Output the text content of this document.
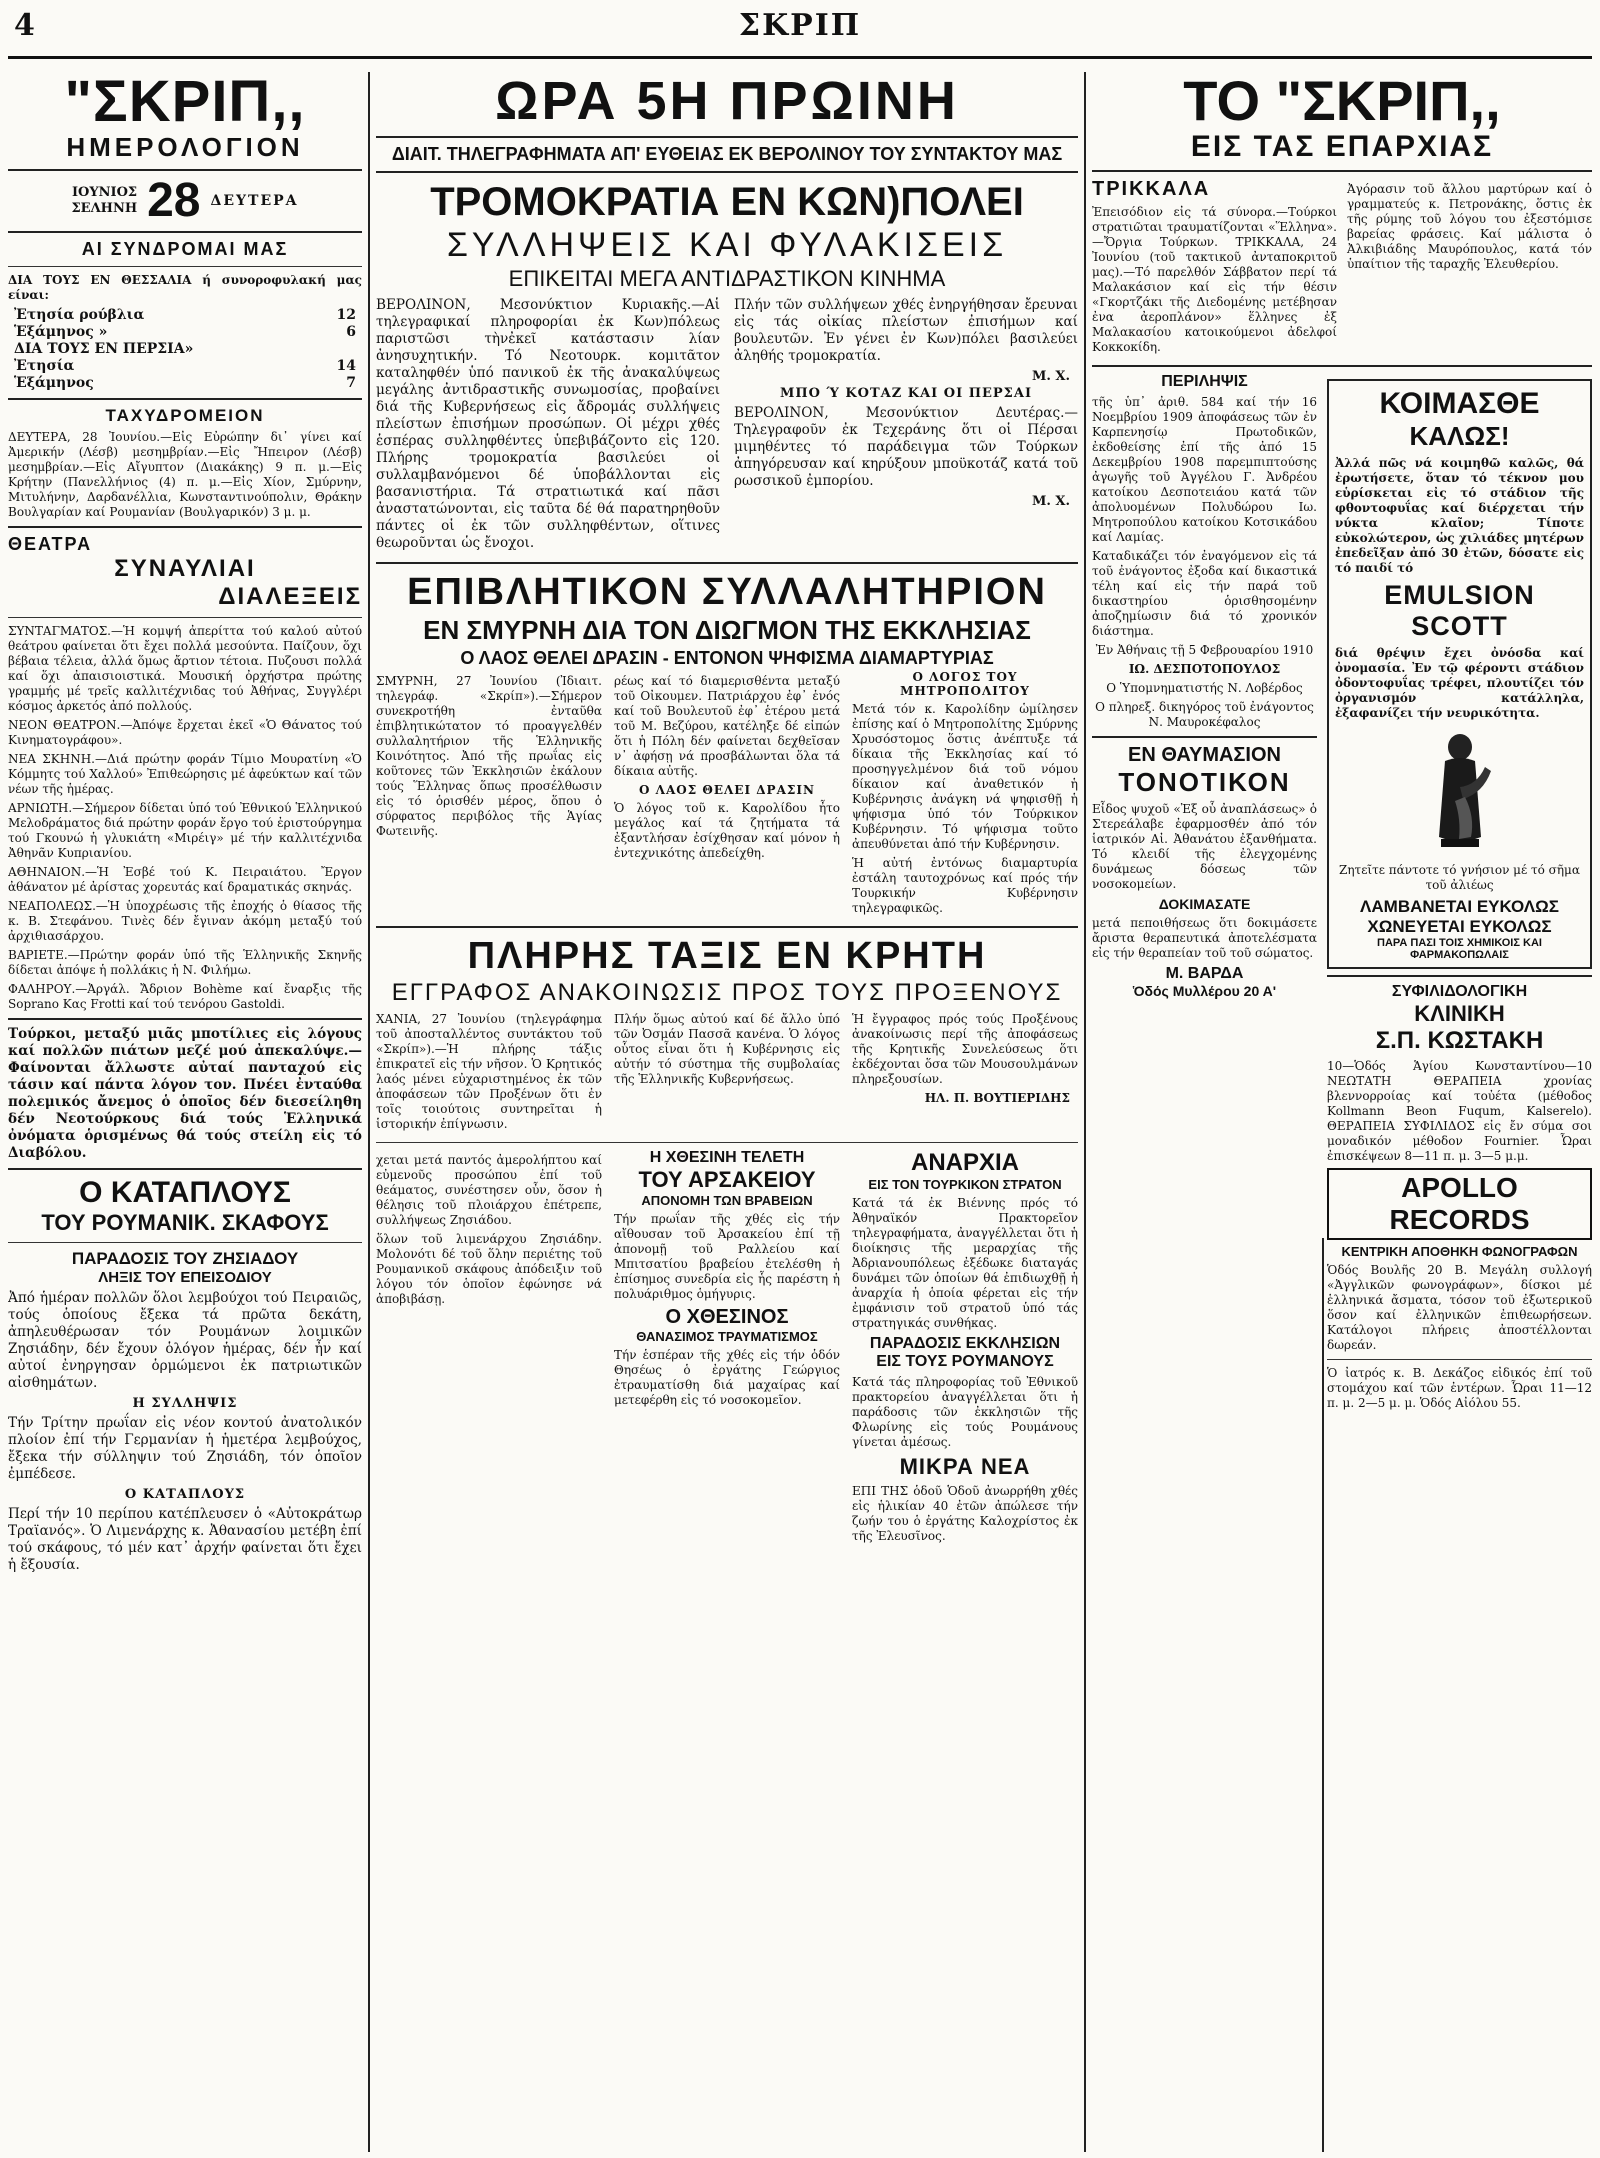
4	ΣΚΡΙΠ
"ΣΚΡΙΠ,,
ΗΜΕΡΟΛΟΓΙΟΝ
ΙΟΥΝΙΟΣ
ΣΕΛΗΝΗ 28 ΔΕΥΤΕΡΑ
ΑΙ ΣΥΝΔΡΟΜΑΙ ΜΑΣ
ΔΙΑ ΤΟΥΣ ΕΝ ΘΕΣΣΑΛΙΑ ή συνοροφυλακή μας είναι:
Ἐτησία ρούβλια	12
Ἑξάμηνος »	6
ΔΙΑ ΤΟΥΣ ΕΝ ΠΕΡΣΙΑ»
Ἐτησία	14
Ἑξάμηνος	7
ΤΑΧΥΔΡΟΜΕΙΟΝ
ΔΕΥΤΕΡΑ, 28 Ἰουνίου.—Εἰς Εὐρώπην δι᾽ γίνει καί Ἀμερικήν (Λέσβ) μεσημβρίαν.—Εἰς Ἤπειρον (Λέσβ) μεσημβρίαν.—Εἰς Αἴγυπτον (Διακάκης) 9 π. μ.—Εἰς Κρήτην (Πανελλήνιος (4) π. μ.—Εἰς Χίον, Σμύρνην, Μιτυλήνην, Δαρδανέλλια, Κωνσταντινούπολιν, Θράκην Βουλγαρίαν καί Ρουμανίαν (Βουλγαρικόν) 3 μ. μ.
ΘΕΑΤΡΑ
ΣΥΝΑΥΛΙΑΙ
ΔΙΑΛΕΞΕΙΣ
ΣΥΝΤΑΓΜΑΤΟΣ.—Ἡ κομψή ἀπερίττα τού καλού αὐτού θεάτρου φαίνεται ὅτι ἔχει πολλά μεσούντα. Παίζουν, ὅχι βέβαια τέλεια, ἀλλά ὅμως ἄρτιον τέτοια. Πυζουσι πολλά καί ὅχι ἀπαισιοιστικά. Μουσική ὀρχήστρα πρώτης γραμμής μέ τρεῖς καλλιτέχνιδας τού Ἀθήνας, Συγγλέρι κόσμος ἀρκετός ἀπό πολλούς.
ΝΕΟΝ ΘΕΑΤΡΟΝ.—Ἀπόψε ἔρχεται ἐκεῖ «Ὁ Θάνατος τού Κινηματογράφου».
ΝΕΑ ΣΚΗΝΗ.—Διά πρώτην φοράν Τίμιο Μουρατίνη «Ὁ Κόμμητς τού Χαλλού» Ἐπιθεώρησις μέ ἀφεύκτων καί τῶν νέων τῆς ἡμέρας.
ΑΡΝΙΩΤΗ.—Σήμερον δίδεται ὑπό τού Ἐθνικού Ἑλληνικού Μελοδράματος διά πρώτην φοράν ἔργο τού ἐριστούργημα τού Γκουνώ ἡ γλυκιάτη «Μιρέιγ» μέ τήν καλλιτέχνιδα Ἀθηνᾶν Κυπριανίου.
ΑΘΗΝΑΙΟΝ.—Ἡ Ἐσβέ τού Κ. Πειραιάτου. Ἔργον ἀθάνατον μέ ἀρίστας χορευτάς καί δραματικάς σκηνάς.
ΝΕΑΠΟΛΕΩΣ.—Ἡ ὑποχρέωσις τῆς ἐποχής ὁ θίασος τῆς κ. Β. Στεφάνου. Τινὲς δέν ἔγιναν ἀκόμη μεταξύ τού ἀρχιθιασάρχου.
ΒΑΡΙΕΤΕ.—Πρώτην φοράν ὑπό τῆς Ἑλληνικῆς Σκηνῆς δίδεται ἀπόψε ἡ πολλάκις ἡ Ν. Φιλήμω.
ΦΑΛΗΡΟΥ.—Ἀργάλ. Ἄδριον Bohème καί ἔναρξις τῆς Soprano Κας Frotti καί τού τενόρου Gastoldi.
Τούρκοι, μεταξύ μιᾶς μποτίλιες εἰς λόγους καί πολλῶν πιάτων μεζέ μού ἀπεκαλύψε.—Φαίνονται ἄλλωστε αὐταί πανταχού εἰς τάσιν καί πάντα λόγον τον. Πνέει ἐνταύθα πολεμικός ἄνεμος ὁ ὁποῖος δέν διεσείληθη δέν Νεοτούρκους διά τούς Ἑλληνικά ὀνόματα ὁρισμένως θά τούς στείλη εἰς τό Διαβόλου.
Ο ΚΑΤΑΠΛΟΥΣ
ΤΟΥ ΡΟΥΜΑΝΙΚ. ΣΚΑΦΟΥΣ
ΠΑΡΑΔΟΣΙΣ ΤΟΥ ΖΗΣΙΑΔΟΥ
ΛΗΞΙΣ ΤΟΥ ΕΠΕΙΣΟΔΙΟΥ
Ἀπό ἡμέραν πολλῶν ὅλοι λεμβούχοι τού Πειραιῶς, τούς ὁποίους ἔξεκα τά πρῶτα δεκάτη, ἀπηλευθέρωσαν τόν Ρουμάνων λοιμικῶν Ζησιάδην, δέν ἔχουν ὁλόγον ἡμέρας, δέν ἦν καί αὐτοί ἐνηργησαν ὁρμώμενοι ἐκ πατριωτικῶν αἰσθημάτων.
Η ΣΥΛΛΗΨΙΣ
Τήν Τρίτην πρωΐαν εἰς νέον κοντού ἀνατολικόν πλοίον ἐπί τήν Γερμανίαν ἡ ἡμετέρα λεμβούχος, ἔξεκα τήν σύλληψιν τού Ζησιάδη, τόν ὁποῖον ἐμπέδεσε.
Ο ΚΑΤΑΠΛΟΥΣ
Περί τήν 10 περίπου κατέπλευσεν ὁ «Αὐτοκράτωρ Τραϊανός». Ὁ Λιμενάρχης κ. Ἀθανασίου μετέβη ἐπί τού σκάφους, τό μέν κατ᾽ ἀρχήν φαίνεται ὅτι ἔχει ἡ ἔξουσία.
ΩΡΑ 5Η ΠΡΩΙΝΗ
ΔΙΑΙΤ. ΤΗΛΕΓΡΑΦΗΜΑΤΑ ΑΠ' ΕΥΘΕΙΑΣ ΕΚ ΒΕΡΟΛΙΝΟΥ ΤΟΥ ΣΥΝΤΑΚΤΟΥ ΜΑΣ
ΤΡΟΜΟΚΡΑΤΙΑ ΕΝ ΚΩΝ)ΠΟΛΕΙ
ΣΥΛΛΗΨΕΙΣ ΚΑΙ ΦΥΛΑΚΙΣΕΙΣ
ΕΠΙΚΕΙΤΑΙ ΜΕΓΑ ΑΝΤΙΔΡΑΣΤΙΚΟΝ ΚΙΝΗΜΑ
ΒΕΡΟΛΙΝΟΝ, Μεσονύκτιον Κυριακῆς.—Αἱ τηλεγραφικαί πληροφορίαι ἐκ Κων)πόλεως παριστῶσι τὴνἐκεῖ κατάστασιν λίαν ἀνησυχητικήν. Τό Νεοτουρκ. κομιτᾶτον καταληφθέν ὑπό πανικοῦ ἐκ τῆς ἀνακαλύψεως μεγάλης ἀντιδραστικῆς συνωμοσίας, προβαίνει διά τῆς Κυβερνήσεως εἰς ἄδρομάς συλλήψεις πλείστων ἐπισήμων προσώπων. Οἱ μέχρι χθές ἑσπέρας συλληφθέντες ὑπεβιβάζοντο εἰς 120. Πλήρης τρομοκρατία βασιλεύει οἱ συλλαμβανόμενοι δέ ὑποβάλλονται εἰς βασανιστήρια. Τά στρατιωτικά καί πᾶσι ἀναστατώνονται, εἰς ταῦτα δέ θά παρατηρηθοῦν πάντες οἱ ἐκ τῶν συλληφθέντων, οἵτινες θεωροῦνται ὡς ἔνοχοι.
Πλήν τῶν συλλήψεων χθές ἐνηργήθησαν ἔρευναι εἰς τάς οἰκίας πλείστων ἐπισήμων καί βουλευτῶν. Ἐν γένει ἐν Κων)πόλει βασιλεύει ἀληθής τρομοκρατία.
Μ. Χ.
ΜΠΟ Ύ ΚΟΤΑΖ ΚΑΙ ΟΙ ΠΕΡΣΑΙ
ΒΕΡΟΛΙΝΟΝ, Μεσονύκτιον Δευτέρας.—Τηλεγραφοῦν ἐκ Τεχεράνης ὅτι οἱ Πέρσαι μιμηθέντες τό παράδειγμα τῶν Τούρκων ἀπηγόρευσαν καί κηρύξουν μποϋκοτάζ κατά τοῦ ρωσσικοῦ ἐμπορίου.
Μ. Χ.
ΕΠΙΒΛΗΤΙΚΟΝ ΣΥΛΛΑΛΗΤΗΡΙΟΝ
ΕΝ ΣΜΥΡΝΗ ΔΙΑ ΤΟΝ ΔΙΩΓΜΟΝ ΤΗΣ ΕΚΚΛΗΣΙΑΣ
Ο ΛΑΟΣ ΘΕΛΕΙ ΔΡΑΣΙΝ - ΕΝΤΟΝΟΝ ΨΗΦΙΣΜΑ ΔΙΑΜΑΡΤΥΡΙΑΣ
ΣΜΥΡΝΗ, 27 Ἰουνίου (Ἰδιαιτ. τηλεγράφ. «Σκρίπ»).—Σήμερον συνεκροτήθη ἐνταῦθα ἐπιβλητικώτατον τό προαγγελθέν συλλαλητήριον τῆς Ἑλληνικῆς Κοινότητος. Ἀπό τῆς πρωΐας εἰς κοῦτονες τῶν Ἐκκλησιῶν ἐκάλουν τούς Ἕλληνας ὅπως προσέλθωσιν εἰς τό ὁρισθέν μέρος, ὅπου ὁ σύρφατος περιβόλος τῆς Ἁγίας Φωτεινῆς.
ρέως καί τό διαμερισθέντα μεταξύ τοῦ Οἰκουμεν. Πατριάρχου ἐφ᾽ ἑνός καί τοῦ Βουλευτοῦ ἐφ᾽ ἑτέρου μετά τοῦ Μ. Βεζύρου, κατέληξε δέ εἰπών ὅτι ἡ Πόλη δέν φαίνεται δεχθεῖσαν ν᾽ ἀφήσῃ νά προσβάλωνται ὅλα τά δίκαια αὐτῆς.
Ο ΛΑΟΣ ΘΕΛΕΙ ΔΡΑΣΙΝ
Ὁ λόγος τοῦ κ. Καρολίδου ἦτο μεγάλος καί τά ζητήματα τά ἐξαντλήσαν ἐσίχθησαν καί μόνον ἡ ἐντεχνικότης ἀπεδείχθη.
Ο ΛΟΓΟΣ ΤΟΥ ΜΗΤΡΟΠΟΛΙΤΟΥ
Μετά τόν κ. Καρολίδην ὡμίλησεν ἐπίσης καί ὁ Μητροπολίτης Σμύρνης Χρυσόστομος ὅστις ἀνέπτυξε τά δίκαια τῆς Ἐκκλησίας καί τό προσηγγελμένον διά τοῦ νόμου δίκαιον καί ἀναθετικόν ἡ Κυβέρνησις ἀνάγκη νά ψηφισθῇ ἡ ψήφισμα ὑπό τόν Τούρκικον Κυβέρνησιν. Τό ψήφισμα τοῦτο ἀπευθύνεται ἀπό τήν Κυβέρνησιν.
Ἡ αὐτή ἐντόνως διαμαρτυρία ἐστάλη ταυτοχρόνως καί πρός τήν Τουρκικήν Κυβέρνησιν τηλεγραφικῶς.
ΠΛΗΡΗΣ ΤΑΞΙΣ ΕΝ ΚΡΗΤΗ
ΕΓΓΡΑΦΟΣ ΑΝΑΚΟΙΝΩΣΙΣ ΠΡΟΣ ΤΟΥΣ ΠΡΟΞΕΝΟΥΣ
ΧΑΝΙΑ, 27 Ἰουνίου (τηλεγράφημα τοῦ ἀποσταλλέντος συντάκτου τοῦ «Σκρίπ»).—Ἡ πλήρης τάξις ἐπικρατεῖ εἰς τήν νῆσον. Ὁ Κρητικός λαός μένει εὐχαριστημένος ἐκ τῶν ἀποφάσεων τῶν Προξένων ὅτι ἐν τοῖς τοιούτοις συντηρεῖται ἡ ἱστορικήν ἐπίγνωσιν.
Πλήν ὅμως αὐτού καί δέ ἄλλο ὑπό τῶν Ὀσμάν Πασσᾶ κανένα. Ὁ λόγος οὗτος εἶναι ὅτι ἡ Κυβέρνησις εἰς αὐτήν τό σύστημα τῆς συμβολαίας τῆς Ἑλληνικῆς Κυβερνήσεως.
Ἡ ἔγγραφος πρός τούς Προξένους ἀνακοίνωσις περί τῆς ἀποφάσεως τῆς Κρητικῆς Συνελεύσεως ὅτι ἐκδέχονται ὅσα τῶν Μουσουλμάνων πληρεξουσίων.
ΗΛ. Π. ΒΟΥΤΙΕΡΙΔΗΣ
χεται μετά παντός ἀμερολήπτου καί εὐμενοῦς προσώπου ἐπί τοῦ θεάματος, συνέστησεν οὖν, ὅσον ἡ θέλησις τοῦ πλοιάρχου ἐπέτρεπε, συλλήψεως Ζησιάδου.
ὅλων τοῦ λιμενάρχου Ζησιάδην. Μολονότι δέ τοῦ ὅλην περιέτης τοῦ Ρουμανικοῦ σκάφους ἀπόδειξιν τοῦ λόγου τόν ὁποῖον ἐφώνησε νά ἀποβιβάσῃ.
Η ΧΘΕΣΙΝΗ ΤΕΛΕΤΗ
ΤΟΥ ΑΡΣΑΚΕΙΟΥ
ΑΠΟΝΟΜΗ ΤΩΝ ΒΡΑΒΕΙΩΝ
Τήν πρωΐαν τῆς χθές εἰς τήν αἴθουσαν τοῦ Ἀρσακείου ἐπί τῇ ἀπονομῇ τοῦ Ραλλείου καί Μπιτσατίου βραβείου ἐτελέσθη ἡ ἐπίσημος συνεδρία εἰς ἧς παρέστη ἡ πολυάριθμος ὁμήγυρις.
Ο ΧΘΕΣΙΝΟΣ
ΘΑΝΑΣΙΜΟΣ ΤΡΑΥΜΑΤΙΣΜΟΣ
Τήν ἑσπέραν τῆς χθές εἰς τήν ὁδόν Θησέως ὁ ἐργάτης Γεώργιος ἐτραυματίσθη διά μαχαίρας καί μετεφέρθη εἰς τό νοσοκομεῖον.
ΑΝΑΡΧΙΑ
ΕΙΣ ΤΟΝ ΤΟΥΡΚΙΚΟΝ ΣΤΡΑΤΟΝ
Κατά τά ἐκ Βιέννης πρός τό Ἀθηναϊκόν Πρακτορεῖον τηλεγραφήματα, ἀναγγέλλεται ὅτι ἡ διοίκησις τῆς μεραρχίας τῆς Ἀδριανουπόλεως ἐξέδωκε διαταγάς δυνάμει τῶν ὁποίων θά ἐπιδιωχθῇ ἡ ἀναρχία ἡ ὁποία φέρεται εἰς τήν ἐμφάνισιν τοῦ στρατοῦ ὑπό τάς στρατηγικάς συνθήκας.
ΠΑΡΑΔΟΣΙΣ ΕΚΚΛΗΣΙΩΝ
ΕΙΣ ΤΟΥΣ ΡΟΥΜΑΝΟΥΣ
Κατά τάς πληροφορίας τοῦ Ἐθνικοῦ πρακτορείου ἀναγγέλλεται ὅτι ἡ παράδοσις τῶν ἐκκλησιῶν τῆς Φλωρίνης εἰς τούς Ρουμάνους γίνεται ἀμέσως.
ΜΙΚΡΑ ΝΕΑ
ΕΠΙ ΤΗΣ ὁδοῦ Ὁδοῦ ἀνωρρήθη χθές εἰς ἡλικίαν 40 ἐτῶν ἀπώλεσε τήν ζωήν του ὁ ἐργάτης Καλοχρίστος ἐκ τῆς Ἐλευσῖνος.
ΤΟ "ΣΚΡΙΠ,,
ΕΙΣ ΤΑΣ ΕΠΑΡΧΙΑΣ
ΤΡΙΚΚΑΛΑ
Ἐπεισόδιον εἰς τά σύνορα.—Τούρκοι στρατιῶται τραυματίζονται «Ἕλληνα».—Ὄργια Τούρκων. ΤΡΙΚΚΑΛΑ, 24 Ἰουνίου (τοῦ τακτικοῦ ἀνταποκριτοῦ μας).—Τό παρελθόν Σάββατον περί τά Μαλακάσιον καί εἰς τήν θέσιν «Γκορτζάκι τῆς Διεδομένης μετέβησαν ἐνα ἀεροπλάνον» ἕλληνες ἐξ Μαλακασίου κατοικούμενοι ἀδελφοί Κοκκοκίδη.
Ἀγόρασιν τοῦ ἄλλου μαρτύρων καί ὁ γραμματεύς κ. Πετρονάκης, ὅστις ἐκ τῆς ρύμης τοῦ λόγου του ἐξεστόμισε βαρείας φράσεις. Καί μάλιστα ὁ Ἀλκιβιάδης Μαυρόπουλος, κατά τόν ὑπαίτιον τῆς ταραχῆς Ἐλευθερίου.
ΠΕΡΙΛΗΨΙΣ
τῆς ὑπ᾽ ἀριθ. 584 καί τήν 16 Νοεμβρίου 1909 ἀποφάσεως τῶν ἐν Καρπενησίῳ Πρωτοδικῶν, ἐκδοθείσης ἐπί τῆς ἀπό 15 Δεκεμβρίου 1908 παρεμπιπτούσης ἀγωγῆς τοῦ Ἀγγέλου Γ. Ἀνδρέου κατοίκου Δεσποτειάου κατά τῶν ἀπολυομένων Πολυδώρου Ιω. Μητροπούλου κατοίκου Κοτσικάδου καί Λαμίας.
Καταδικάζει τόν ἐναγόμενον εἰς τά τοῦ ἐνάγοντος ἐξοδα καί δικαστικά τέλη καί εἰς τήν παρά τοῦ δικαστηρίου ὁρισθησομένην ἀποζημίωσιν διά τό χρονικόν διάστημα.
Ἐν Ἀθήναις τῇ 5 Φεβρουαρίου 1910
ΙΩ. ΔΕΣΠΟΤΟΠΟΥΛΟΣ
Ο Ὑπομνηματιστής Ν. Λοβέρδος
Ο πληρεξ. δικηγόρος τοῦ ἐνάγοντος Ν. Μαυροκέφαλος
ΕΝ ΘΑΥΜΑΣΙΟΝ
ΤΟΝΟΤΙΚΟΝ
Εἶδος ψυχοῦ «Ἐξ οὗ ἀναπλάσεως» ὁ Στερεάλαβε ἐφαρμοσθέν ἀπό τόν ἱατρικόν Αἰ. Ἀθανάτου ἐξανθήματα. Τό κλειδί τῆς ἐλεγχομένης δυνάμεως δόσεως τῶν νοσοκομείων.
ΔΟΚΙΜΑΣΑΤΕ
μετά πεποιθήσεως ὅτι δοκιμάσετε ἄριστα θεραπευτικά ἀποτελέσματα εἰς τήν θεραπείαν τοῦ τοῦ σώματος.
Μ. ΒΑΡΔΑ
Ὁδός Μυλλέρου 20 Α'
ΚΟΙΜΑΣΘΕ
ΚΑΛΩΣ!
Ἀλλά πῶς νά κοιμηθῶ καλῶς, θά ἐρωτήσετε, ὅταν τό τέκνον μου εὑρίσκεται εἰς τό στάδιον τῆς φθοντοφυΐας καί διέρχεται τήν νύκτα κλαῖον; Τίποτε εὐκολώτερον, ὡς χιλιάδες μητέρων ἐπεδεῖξαν ἀπό 30 ἐτῶν, δόσατε εἰς τό παιδί τό
EMULSION SCOTT
διά θρέψιν ἔχει ὀνόσδα καί ὀνομασία. Ἐν τῷ φέροντι στάδιον ὀδοντοφυΐας τρέφει, πλουτίζει τόν ὀργανισμόν κατάλληλα, ἐξαφανίζει τήν νευρικότητα.
Ζητεῖτε πάντοτε τό γνήσιον μέ τό σῆμα τοῦ ἀλιέως
ΛΑΜΒΑΝΕΤΑΙ ΕΥΚΟΛΩΣ ΧΩΝΕΥΕΤΑΙ ΕΥΚΟΛΩΣ
ΠΑΡΑ ΠΑΣΙ ΤΟΙΣ ΧΗΜΙΚΟΙΣ ΚΑΙ ΦΑΡΜΑΚΟΠΩΛΑΙΣ
ΣΥΦΙΛΙΔΟΛΟΓΙΚΗ
ΚΛΙΝΙΚΗ
Σ.Π. ΚΩΣΤΑΚΗ
10—Ὁδός Ἁγίου Κωνσταντίνου—10 ΝΕΩΤΑΤΗ ΘΕΡΑΠΕΙΑ χρονίας βλεννορροίας καί τοὐέτα (μέθοδος Kollmann Beon Fuqum, Κalserelo). ΘΕΡΑΠΕΙΑ ΣΥΦΙΛΙΔΟΣ εἰς ἔν σύμα σοι μοναδικόν μέθοδον Fournier. Ὧραι ἐπισκέψεων 8—11 π. μ. 3—5 μ.μ.
APOLLO RECORDS
ΚΕΝΤΡΙΚΗ ΑΠΟΘΗΚΗ ΦΩΝΟΓΡΑΦΩΝ
Ὁδός Βουλῆς 20 Β. Μεγάλη συλλογή «Ἀγγλικῶν φωνογράφων», δίσκοι μέ ἑλληνικά ἄσματα, τόσον τοῦ ἐξωτερικοῦ ὅσον καί ἐλληνικῶν ἐπιθεωρήσεων. Κατάλογοι πλήρεις ἀποστέλλονται δωρεάν.
Ὁ ἰατρός κ. Β. Δεκάζος εἰδικός ἐπί τοῦ στομάχου καί τῶν ἐντέρων. Ὧραι 11—12 π. μ. 2—5 μ. μ. Ὁδός Αἰόλου 55.
